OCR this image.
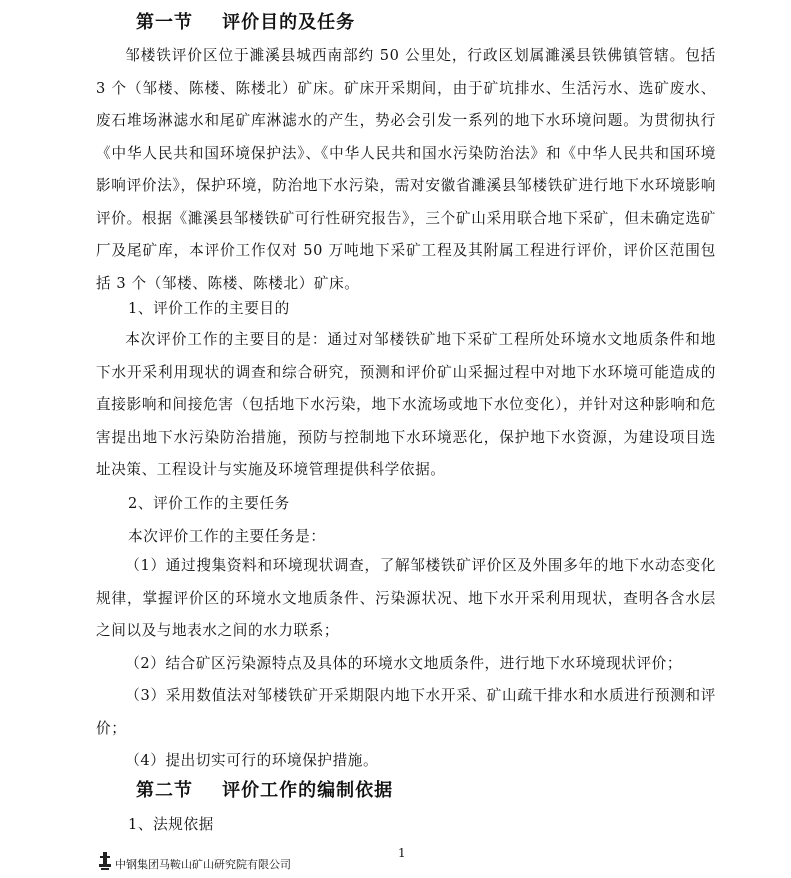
第一节    评价目的及任务
邹楼铁评价区位于濉溪县城西南部约 50 公里处，行政区划属濉溪县铁佛镇管辖。包括 3 个（邹楼、陈楼、陈楼北）矿床。矿床开采期间，由于矿坑排水、生活污水、选矿废水、废石堆场淋滤水和尾矿库淋滤水的产生，势必会引发一系列的地下水环境问题。为贯彻执行《中华人民共和国环境保护法》、《中华人民共和国水污染防治法》和《中华人民共和国环境影响评价法》，保护环境，防治地下水污染，需对安徽省濉溪县邹楼铁矿进行地下水环境影响评价。根据《濉溪县邹楼铁矿可行性研究报告》，三个矿山采用联合地下采矿，但未确定选矿厂及尾矿库，本评价工作仅对 50 万吨地下采矿工程及其附属工程进行评价，评价区范围包括 3 个（邹楼、陈楼、陈楼北）矿床。
1、评价工作的主要目的
本次评价工作的主要目的是：通过对邹楼铁矿地下采矿工程所处环境水文地质条件和地下水开采利用现状的调查和综合研究，预测和评价矿山采掘过程中对地下水环境可能造成的直接影响和间接危害（包括地下水污染，地下水流场或地下水位变化），并针对这种影响和危害提出地下水污染防治措施，预防与控制地下水环境恶化，保护地下水资源，为建设项目选址决策、工程设计与实施及环境管理提供科学依据。
2、评价工作的主要任务
本次评价工作的主要任务是：
（1）通过搜集资料和环境现状调查，了解邹楼铁矿评价区及外围多年的地下水动态变化规律，掌握评价区的环境水文地质条件、污染源状况、地下水开采利用现状，查明各含水层之间以及与地表水之间的水力联系；
（2）结合矿区污染源特点及具体的环境水文地质条件，进行地下水环境现状评价；
（3）采用数值法对邹楼铁矿开采期限内地下水开采、矿山疏干排水和水质进行预测和评价；
（4）提出切实可行的环境保护措施。
第二节    评价工作的编制依据
1、法规依据
中钢集团马鞍山矿山研究院有限公司
1
